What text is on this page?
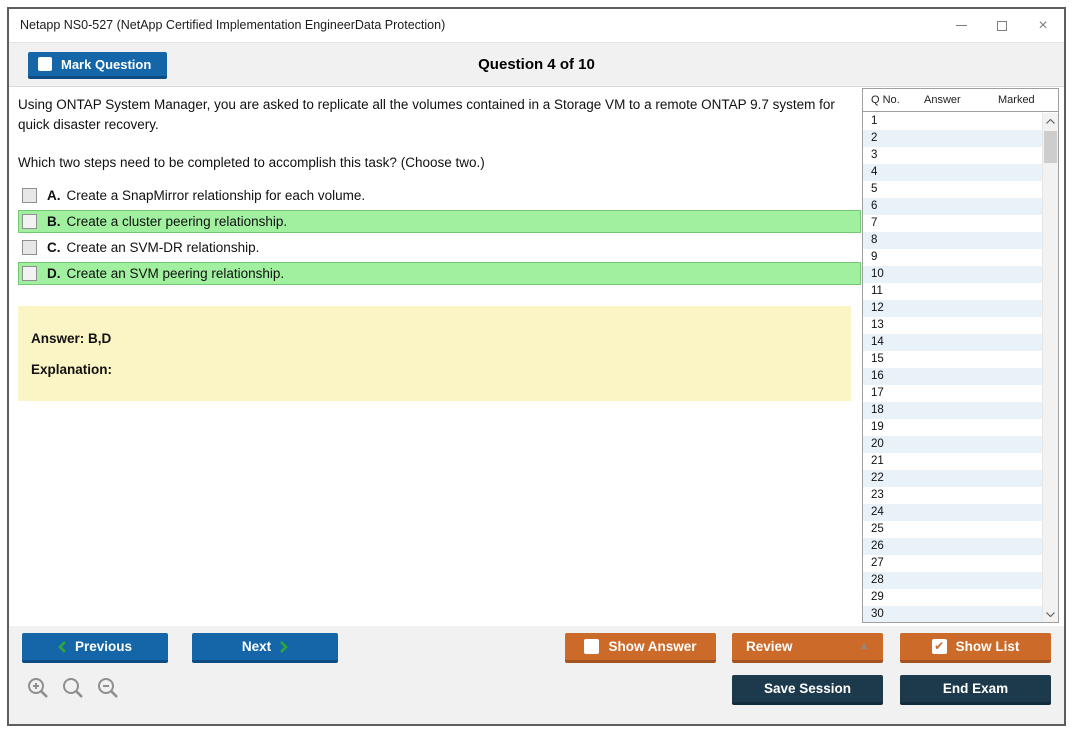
Netapp NS0-527 (NetApp Certified Implementation EngineerData Protection)	×
Question 4 of 10
Mark Question

Using ONTAP System Manager, you are asked to replicate all the volumes contained in a Storage VM to a remote ONTAP 9.7 system for quick disaster recovery.

Which two steps need to be completed to accomplish this task? (Choose two.)

A. Create a SnapMirror relationship for each volume.
B. Create a cluster peering relationship.
C. Create an SVM-DR relationship.
D. Create an SVM peering relationship.
Answer: B,D
Explanation:
Q No. Answer	Marked
1
2
3
4
5
6
7
8
9
10
11
12
13
14
15
16
17
18
19
20
21
22
23
24
25
26
27
28
29
30
Previous	Next	Show Answer	Review	▲	✔ Show List
Save Session	End Exam
